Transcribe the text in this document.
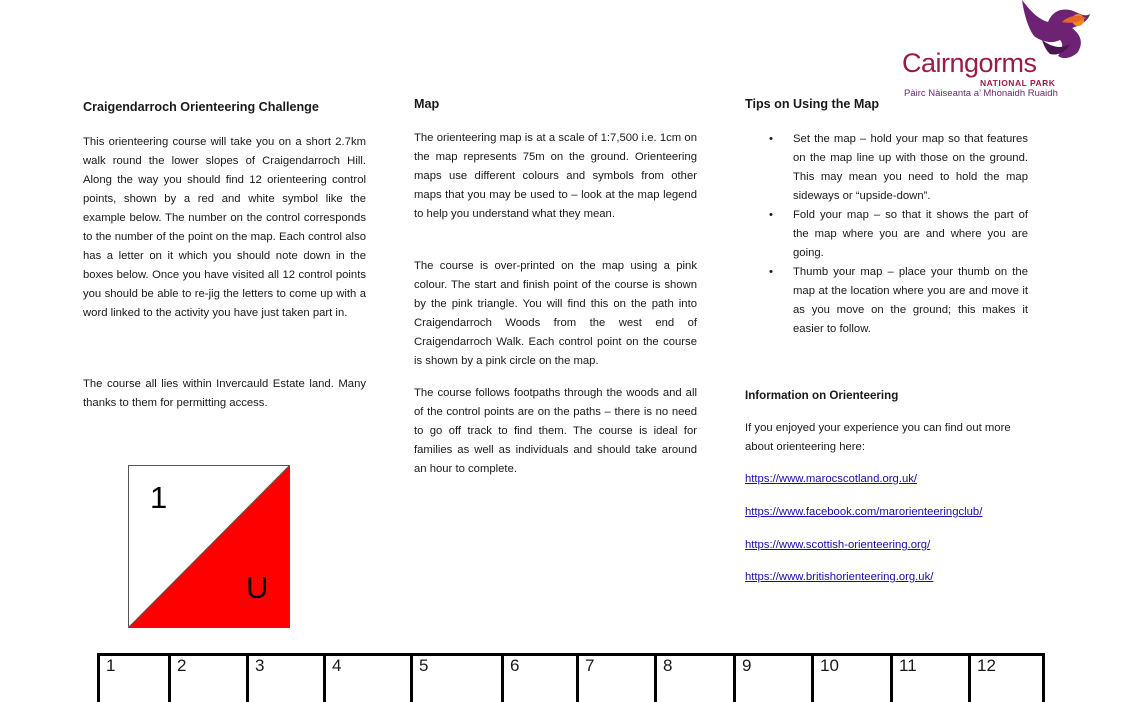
Cairngorms
NATIONAL PARK
Pàirc Nàiseanta a’ Mhonaidh Ruaidh
Craigendarroch Orienteering Challenge

This orienteering course will take you on a short 2.7km walk round the lower slopes of Craigendarroch Hill. Along the way you should find 12 orienteering control points, shown by a red and white symbol like the example below. The number on the control corresponds to the number of the point on the map. Each control also has a letter on it which you should note down in the boxes below. Once you have visited all 12 control points you should be able to re-jig the letters to come up with a word linked to the activity you have just taken part in.

The course all lies within Invercauld Estate land. Many thanks to them for permitting access.

Map

The orienteering map is at a scale of 1:7,500 i.e. 1cm on the map represents 75m on the ground. Orienteering maps use different colours and symbols from other maps that you may be used to – look at the map legend to help you understand what they mean.

The course is over-printed on the map using a pink colour. The start and finish point of the course is shown by the pink triangle. You will find this on the path into Craigendarroch Woods from the west end of Craigendarroch Walk. Each control point on the course is shown by a pink circle on the map.

The course follows footpaths through the woods and all of the control points are on the paths – there is no need to go off track to find them. The course is ideal for families as well as individuals and should take around an hour to complete.

Tips on Using the Map
• Set the map – hold your map so that features on the map line up with those on the ground. This may mean you need to hold the map sideways or “upside-down”.
• Fold your map – so that it shows the part of the map where you are and where you are going.
• Thumb your map – place your thumb on the map at the location where you are and move it as you move on the ground; this makes it easier to follow.
Information on Orienteering

If you enjoyed your experience you can find out more about orienteering here:

https://www.marocscotland.org.uk/
https://www.facebook.com/marorienteeringclub/
https://www.scottish-orienteering.org/
https://www.britishorienteering.org.uk/
1
U
1	2	3	4	5	6	7	8	9	10	11	12
